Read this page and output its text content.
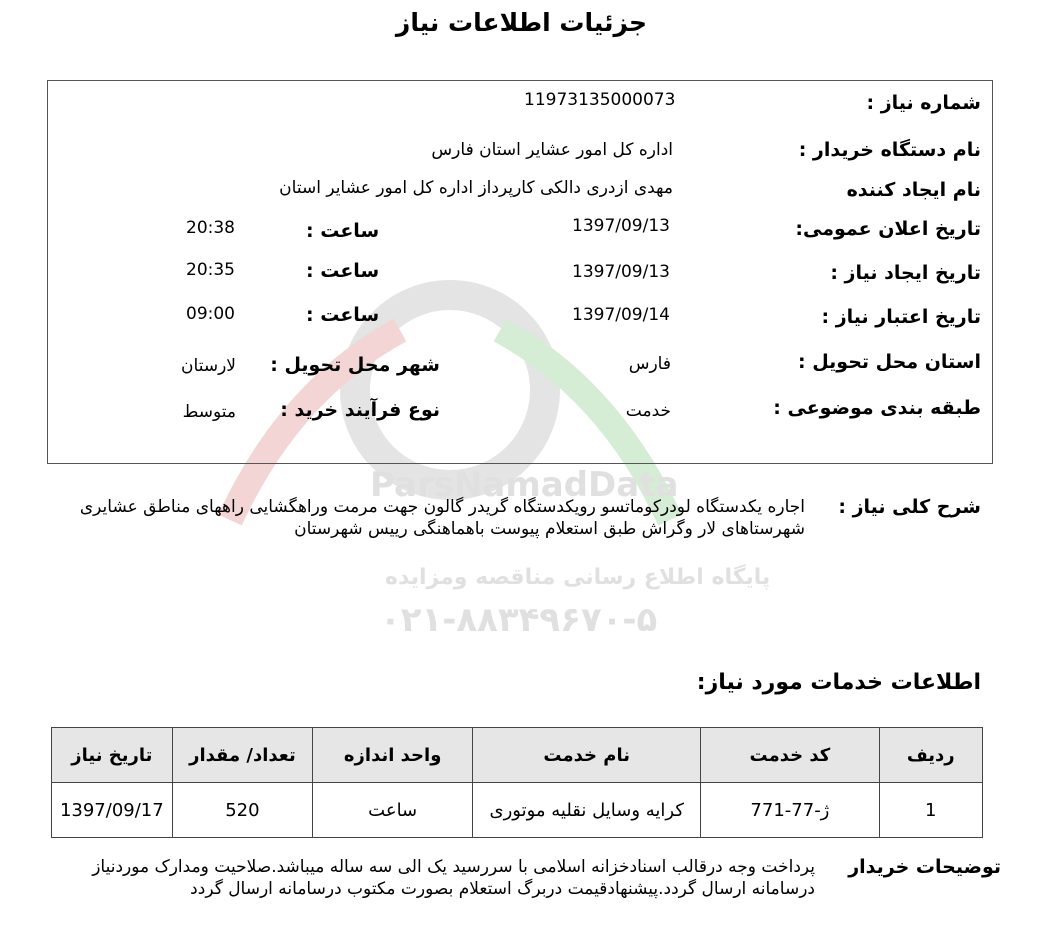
جزئیات اطلاعات نیاز
ParsNamadData
پایگاه اطلاع رسانی مناقصه ومزایده
۰۲۱-۸۸۳۴۹۶۷۰-۵
شماره نیاز :
1197313500007‌3
نام دستگاه خریدار :
اداره کل امور عشایر استان فارس
نام ایجاد کننده
مهدی ازدری دالکی کارپرداز اداره کل امور عشایر استان
تاریخ اعلان عمومی:
1397/09/13
ساعت :
20:38
تاریخ ایجاد نیاز :
1397/09/13
ساعت :
20:35
تاریخ اعتبار نیاز :
1397/09/14
ساعت :
09:00
استان محل تحویل :
فارس
شهر محل تحویل :
لارستان
طبقه بندی موضوعی :
خدمت
نوع فرآیند خرید :
متوسط
شرح کلی نیاز :
اجاره یکدستگاه لودرکوماتسو رویکدستگاه گریدر گالون جهت مرمت وراهگشایی راههای مناطق عشایری شهرستاهای لار وگراش طبق استعلام پیوست باهماهنگی رییس شهرستان
اطلاعات خدمات مورد نیاز:
ردیف	کد خدمت	نام خدمت	واحد اندازه	تعداد/ مقدار	تاریخ نیاز
1	ژ-77-771	کرایه وسایل نقلیه موتوری	ساعت	520	1397/09/17
توضیحات خریدار
پرداخت وجه درقالب اسنادخزانه اسلامی با سررسید یک الی سه ساله میباشد.صلاحیت ومدارک موردنیاز درسامانه ارسال گردد.پیشنهادقیمت دربرگ استعلام بصورت مکتوب درسامانه ارسال گردد
